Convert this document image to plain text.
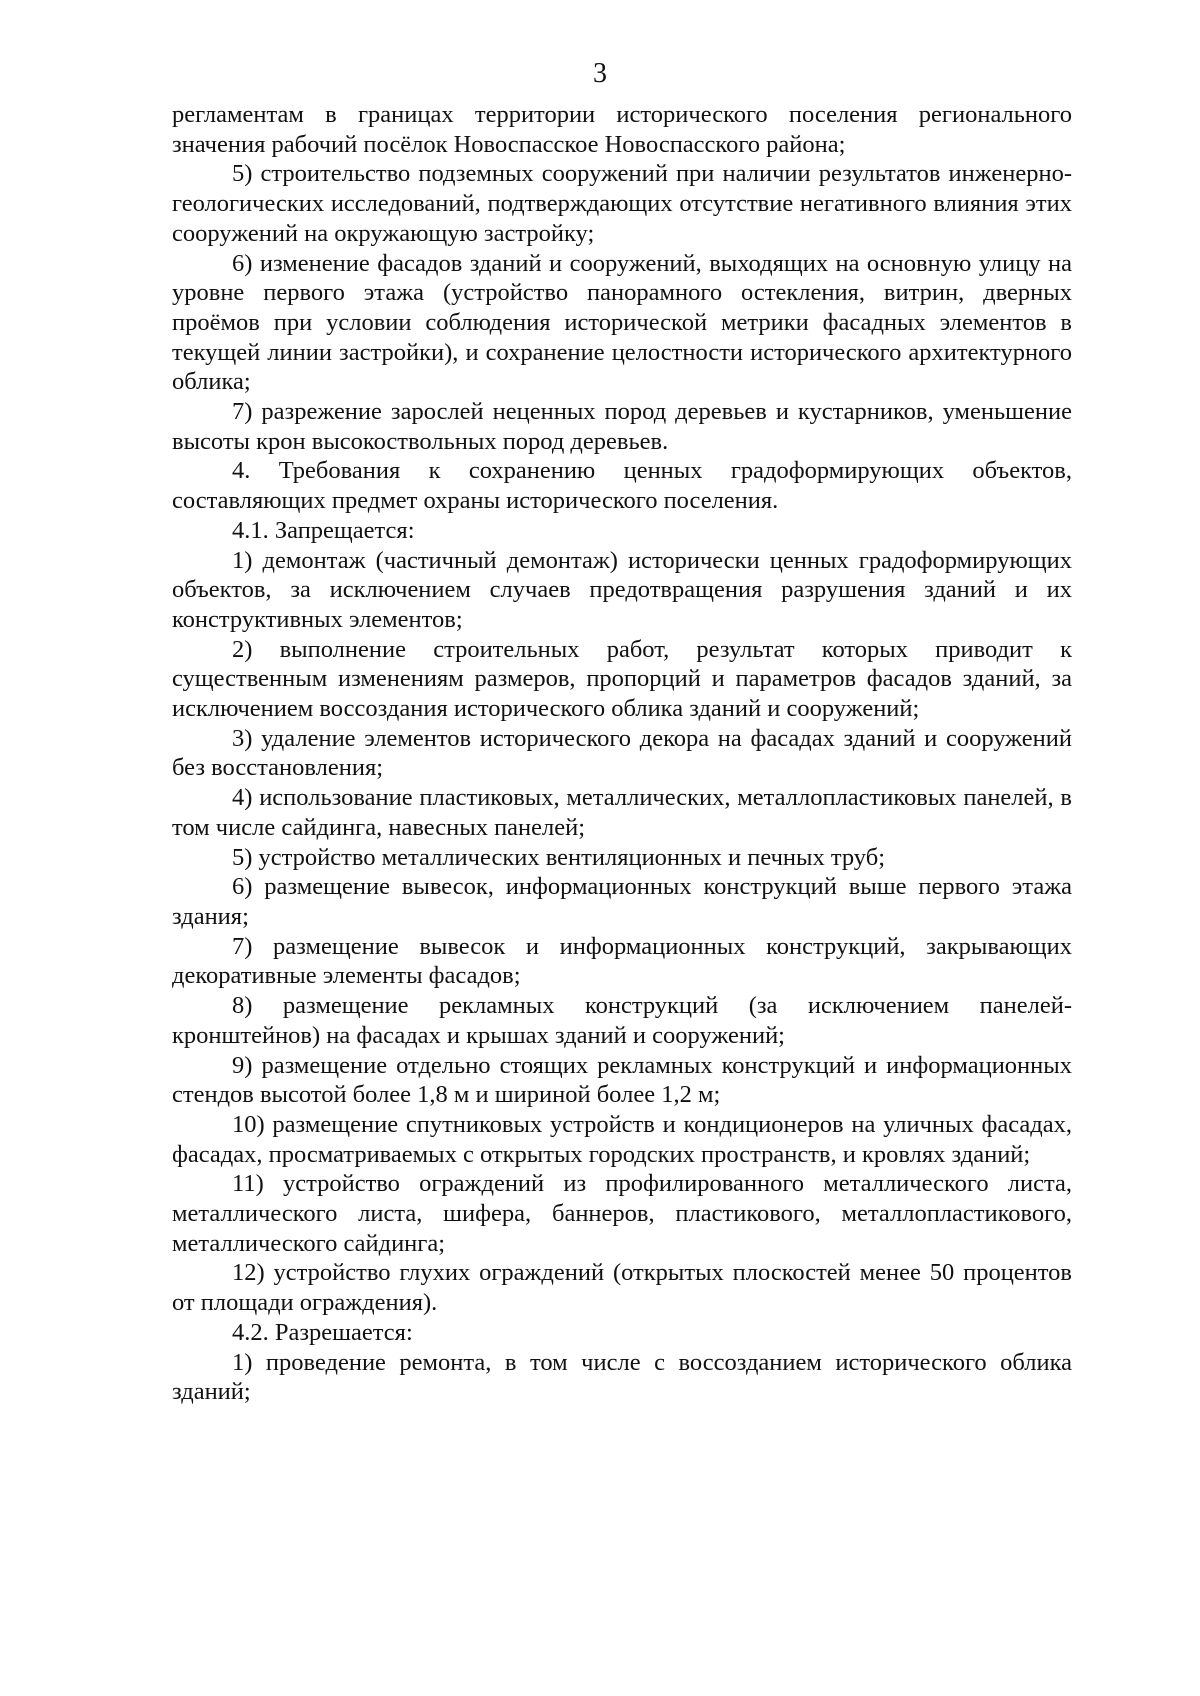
3

регламентам в границах территории исторического поселения регионального значения рабочий посёлок Новоспасское Новоспасского района;

5) строительство подземных сооружений при наличии результатов инженерно-геологических исследований, подтверждающих отсутствие негативного влияния этих сооружений на окружающую застройку;

6) изменение фасадов зданий и сооружений, выходящих на основную улицу на уровне первого этажа (устройство панорамного остекления, витрин, дверных проёмов при условии соблюдения исторической метрики фасадных элементов в текущей линии застройки), и сохранение целостности исторического архитектурного облика;

7) разрежение зарослей неценных пород деревьев и кустарников, уменьшение высоты крон высокоствольных пород деревьев.

4. Требования к сохранению ценных градоформирующих объектов, составляющих предмет охраны исторического поселения.

4.1. Запрещается:

1) демонтаж (частичный демонтаж) исторически ценных градоформирующих объектов, за исключением случаев предотвращения разрушения зданий и их конструктивных элементов;

2) выполнение строительных работ, результат которых приводит к существенным изменениям размеров, пропорций и параметров фасадов зданий, за исключением воссоздания исторического облика зданий и сооружений;

3) удаление элементов исторического декора на фасадах зданий и сооружений без восстановления;

4) использование пластиковых, металлических, металлопластиковых панелей, в том числе сайдинга, навесных панелей;

5) устройство металлических вентиляционных и печных труб;

6) размещение вывесок, информационных конструкций выше первого этажа здания;

7) размещение вывесок и информационных конструкций, закрывающих декоративные элементы фасадов;

8) размещение рекламных конструкций (за исключением панелей-кронштейнов) на фасадах и крышах зданий и сооружений;

9) размещение отдельно стоящих рекламных конструкций и информационных стендов высотой более 1,8 м и шириной более 1,2 м;

10) размещение спутниковых устройств и кондиционеров на уличных фасадах, фасадах, просматриваемых с открытых городских пространств, и кровлях зданий;

11) устройство ограждений из профилированного металлического листа, металлического листа, шифера, баннеров, пластикового, металлопластикового, металлического сайдинга;

12) устройство глухих ограждений (открытых плоскостей менее 50 процентов от площади ограждения).

4.2. Разрешается:

1) проведение ремонта, в том числе с воссозданием исторического облика зданий;
